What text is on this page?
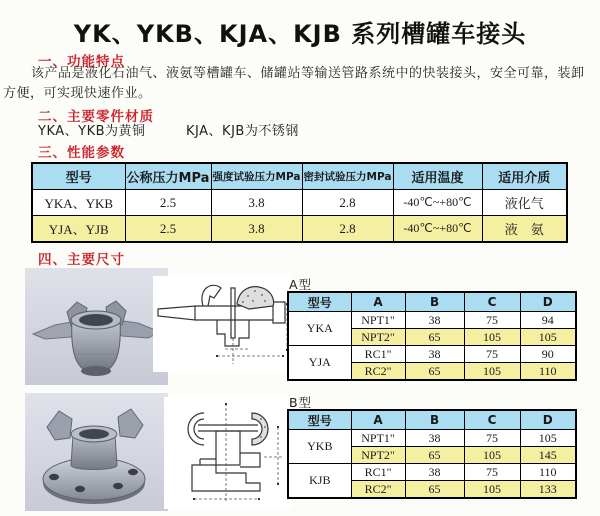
YK、YKB、KJA、KJB 系列槽罐车接头
一、功能特点
该产品是液化石油气、液氨等槽罐车、储罐站等输送管路系统中的快装接头，安全可靠，装卸方便，可实现快速作业。
二、主要零件材质
YKA、YKB为黄铜　　　KJA、KJB为不锈钢
三、性能参数
型号	公称压力MPa	强度试验压力MPa	密封试验压力MPa	适用温度	适用介质
YKA、YKB	2.5	3.8	2.8	-40℃~+80℃	液化气
YJA、YJB	2.5	3.8	2.8	-40℃~+80℃	液　氨
四、主要尺寸
A型
型号	A	B	C	D
YKA	NPT1"	38	75	94
	NPT2"	65	105	105
YJA	RC1"	38	75	90
	RC2"	65	105	110
B型
型号	A	B	C	D
YKB	NPT1"	38	75	105
	NPT2"	65	105	145
KJB	RC1"	38	75	110
	RC2"	65	105	133
